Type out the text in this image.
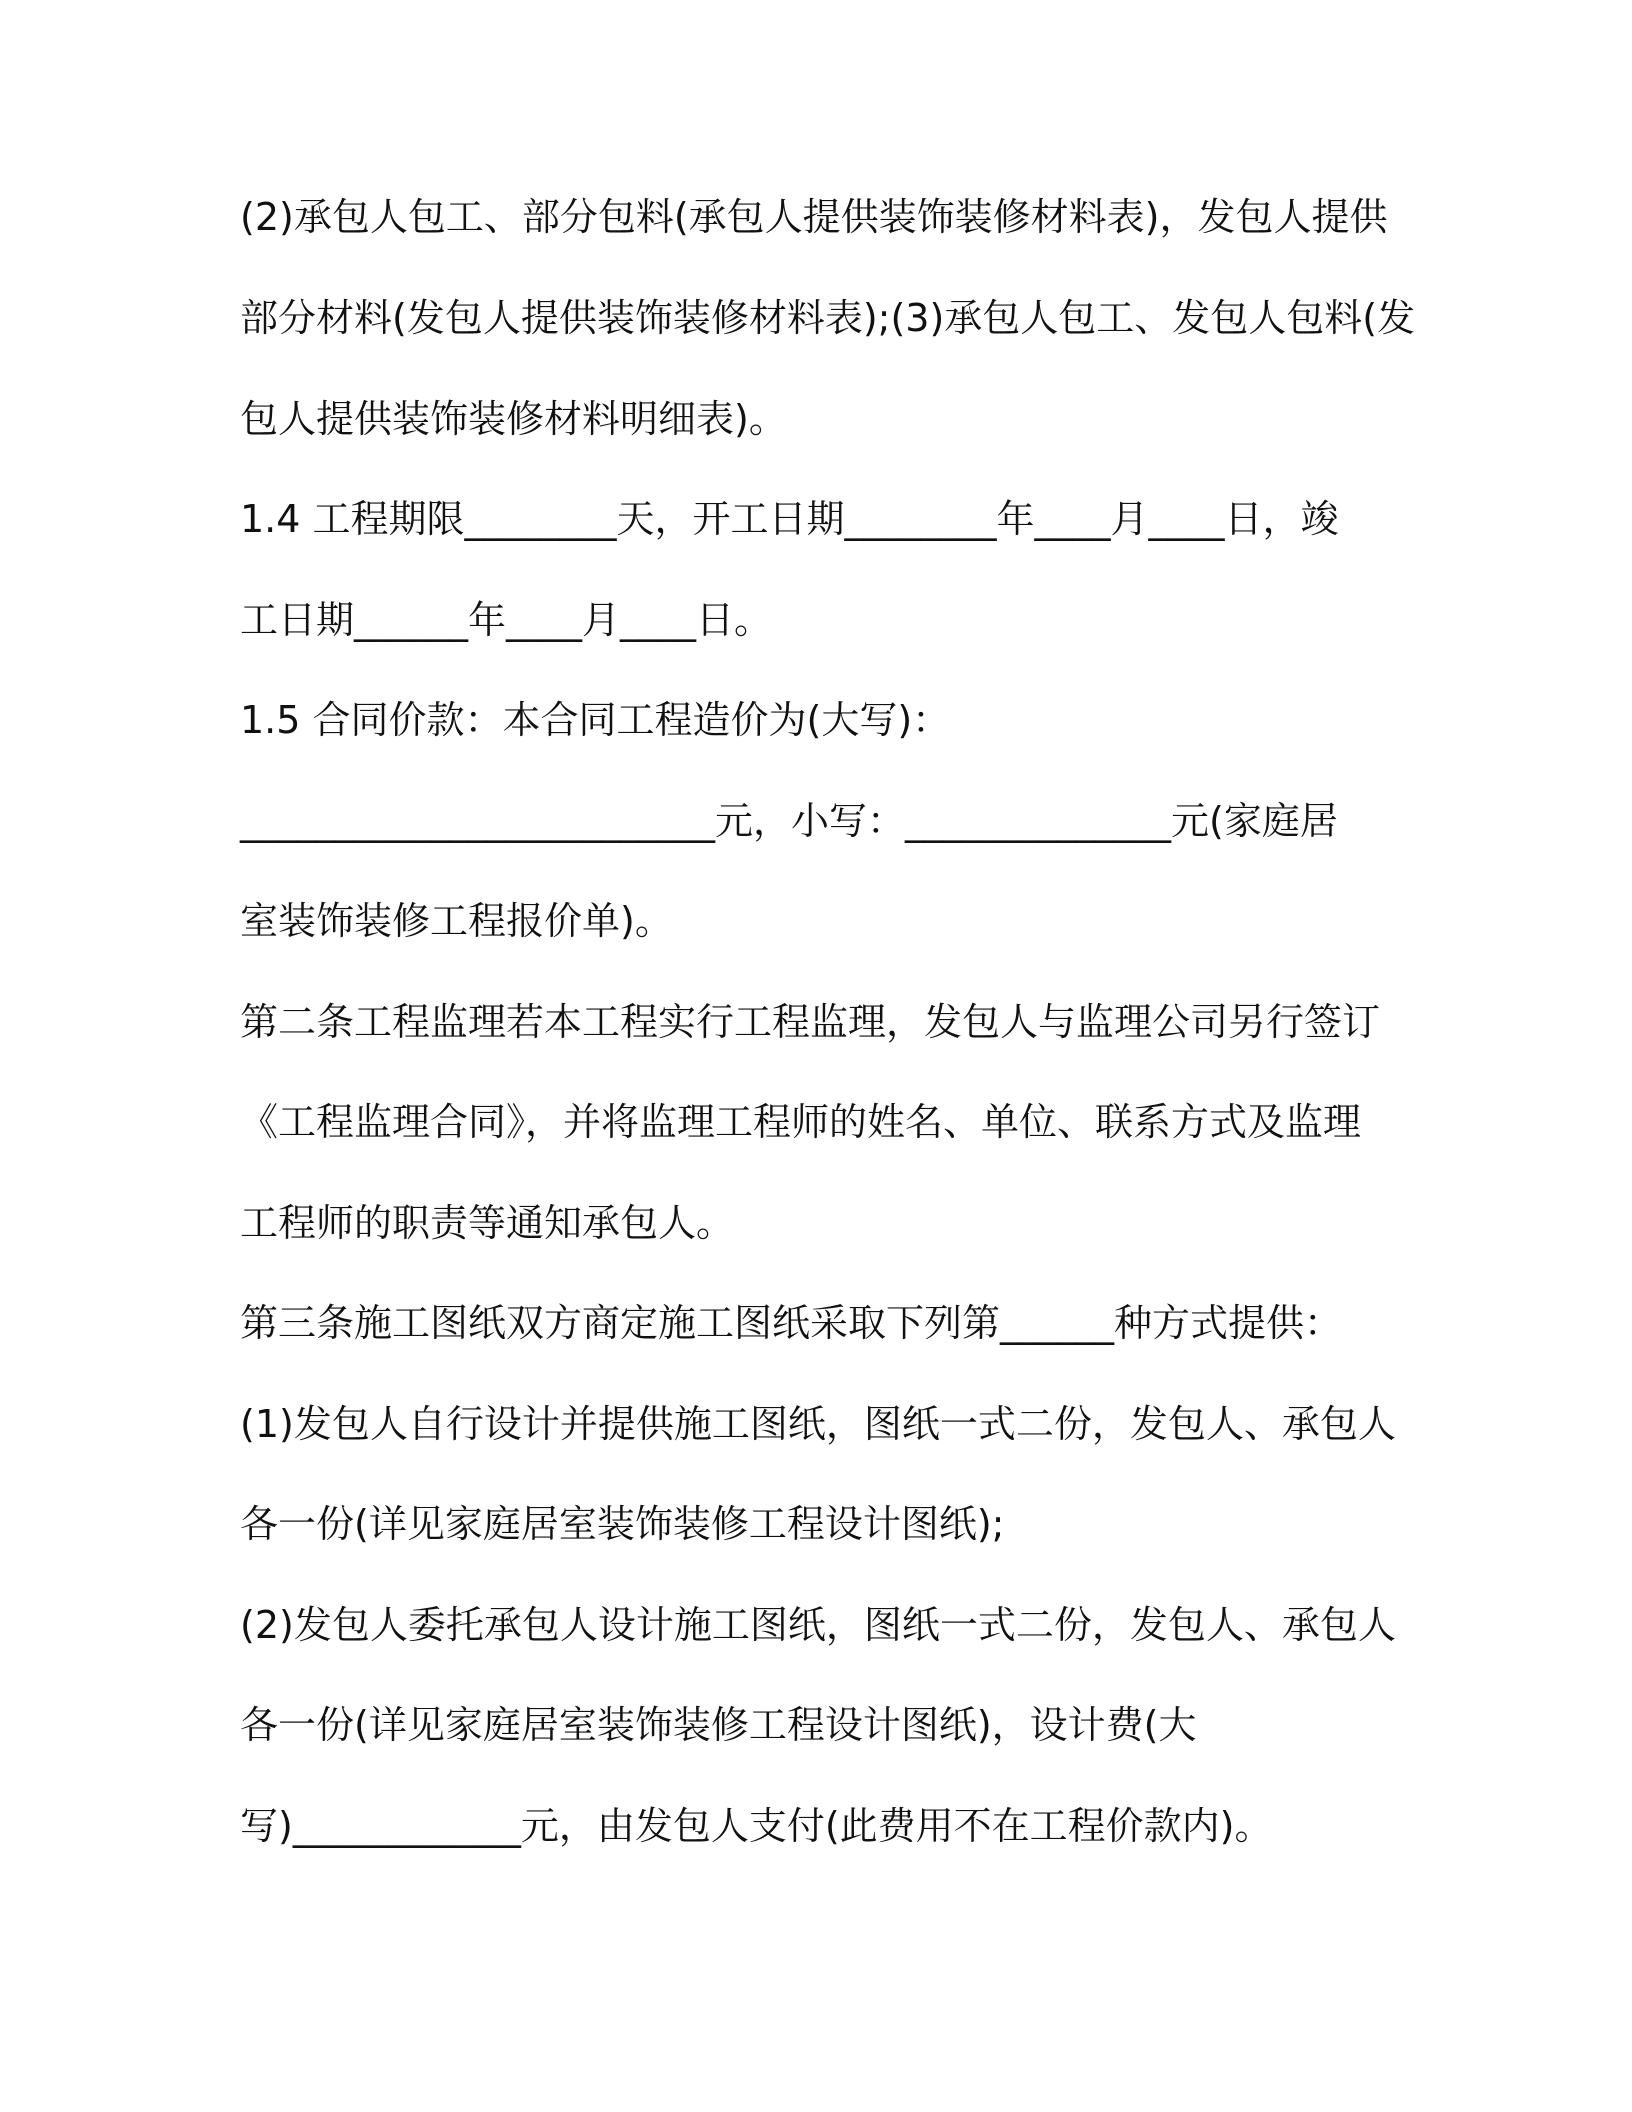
(2)承包人包工、部分包料(承包人提供装饰装修材料表)，发包人提供
部分材料(发包人提供装饰装修材料表);(3)承包人包工、发包人包料(发
包人提供装饰装修材料明细表)。
1.4 工程期限________天，开工日期________年____月____日，竣
工日期______年____月____日。
1.5 合同价款：本合同工程造价为(大写)：
_________________________元，小写：______________元(家庭居
室装饰装修工程报价单)。
第二条工程监理若本工程实行工程监理，发包人与监理公司另行签订
《工程监理合同》，并将监理工程师的姓名、单位、联系方式及监理
工程师的职责等通知承包人。
第三条施工图纸双方商定施工图纸采取下列第______种方式提供：
(1)发包人自行设计并提供施工图纸，图纸一式二份，发包人、承包人
各一份(详见家庭居室装饰装修工程设计图纸);
(2)发包人委托承包人设计施工图纸，图纸一式二份，发包人、承包人
各一份(详见家庭居室装饰装修工程设计图纸)，设计费(大
写)____________元，由发包人支付(此费用不在工程价款内)。
